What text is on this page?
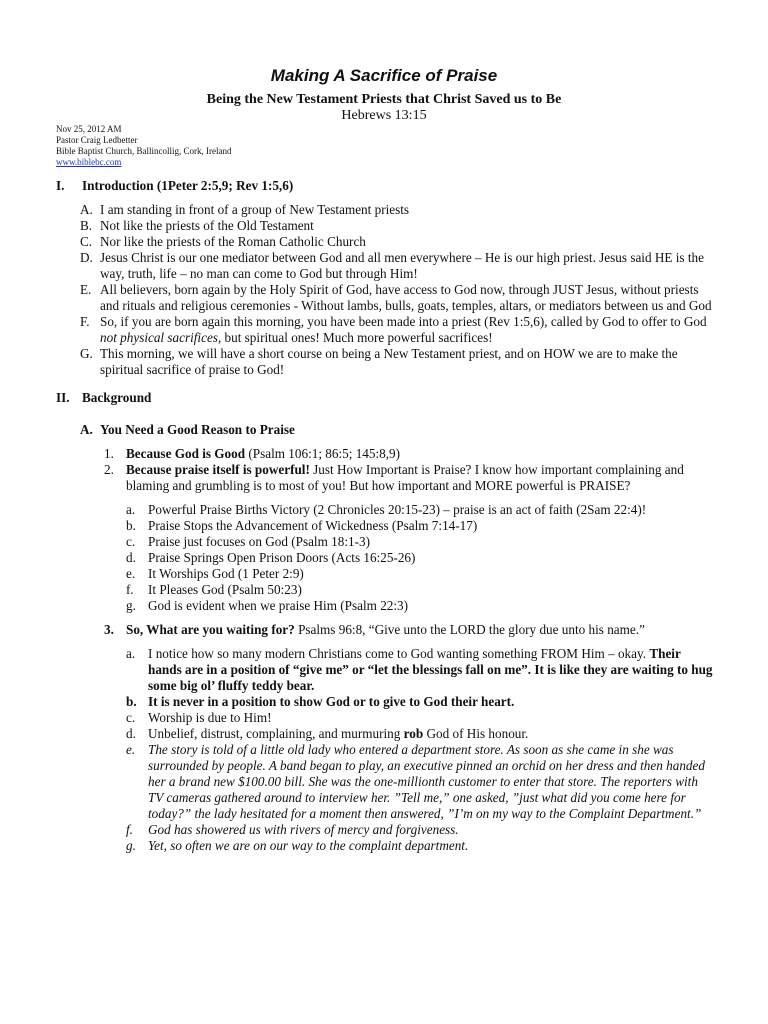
Making A Sacrifice of Praise
Being the New Testament Priests that Christ Saved us to Be
Hebrews 13:15
Nov 25, 2012 AM
Pastor Craig Ledbetter
Bible Baptist Church, Ballincollig, Cork, Ireland
www.biblebc.com

I. Introduction (1Peter 2:5,9; Rev 1:5,6)

A. I am standing in front of a group of New Testament priests
B. Not like the priests of the Old Testament
C. Nor like the priests of the Roman Catholic Church
D. Jesus Christ is our one mediator between God and all men everywhere – He is our high priest. Jesus said HE is the way, truth, life – no man can come to God but through Him!
E. All believers, born again by the Holy Spirit of God, have access to God now, through JUST Jesus, without priests and rituals and religious ceremonies - Without lambs, bulls, goats, temples, altars, or mediators between us and God
F. So, if you are born again this morning, you have been made into a priest (Rev 1:5,6), called by God to offer to God not physical sacrifices, but spiritual ones! Much more powerful sacrifices!
G. This morning, we will have a short course on being a New Testament priest, and on HOW we are to make the spiritual sacrifice of praise to God!

II. Background

A. You Need a Good Reason to Praise
1. Because God is Good (Psalm 106:1; 86:5; 145:8,9)
2. Because praise itself is powerful! Just How Important is Praise? I know how important complaining and blaming and grumbling is to most of you! But how important and MORE powerful is PRAISE?
a. Powerful Praise Births Victory (2 Chronicles 20:15-23) – praise is an act of faith (2Sam 22:4)!
b. Praise Stops the Advancement of Wickedness (Psalm 7:14-17)
c. Praise just focuses on God (Psalm 18:1-3)
d. Praise Springs Open Prison Doors (Acts 16:25-26)
e. It Worships God (1 Peter 2:9)
f. It Pleases God (Psalm 50:23)
g. God is evident when we praise Him (Psalm 22:3)
3. So, What are you waiting for? Psalms 96:8, “Give unto the LORD the glory due unto his name.”
a. I notice how so many modern Christians come to God wanting something FROM Him – okay. Their hands are in a position of “give me” or “let the blessings fall on me”. It is like they are waiting to hug some big ol’ fluffy teddy bear.
b. It is never in a position to show God or to give to God their heart.
c. Worship is due to Him!
d. Unbelief, distrust, complaining, and murmuring rob God of His honour.
e. The story is told of a little old lady who entered a department store. As soon as she came in she was surrounded by people. A band began to play, an executive pinned an orchid on her dress and then handed her a brand new $100.00 bill. She was the one-millionth customer to enter that store. The reporters with TV cameras gathered around to interview her. ”Tell me,” one asked, ”just what did you come here for today?” the lady hesitated for a moment then answered, ”I’m on my way to the Complaint Department.”
f. God has showered us with rivers of mercy and forgiveness.
g. Yet, so often we are on our way to the complaint department.
